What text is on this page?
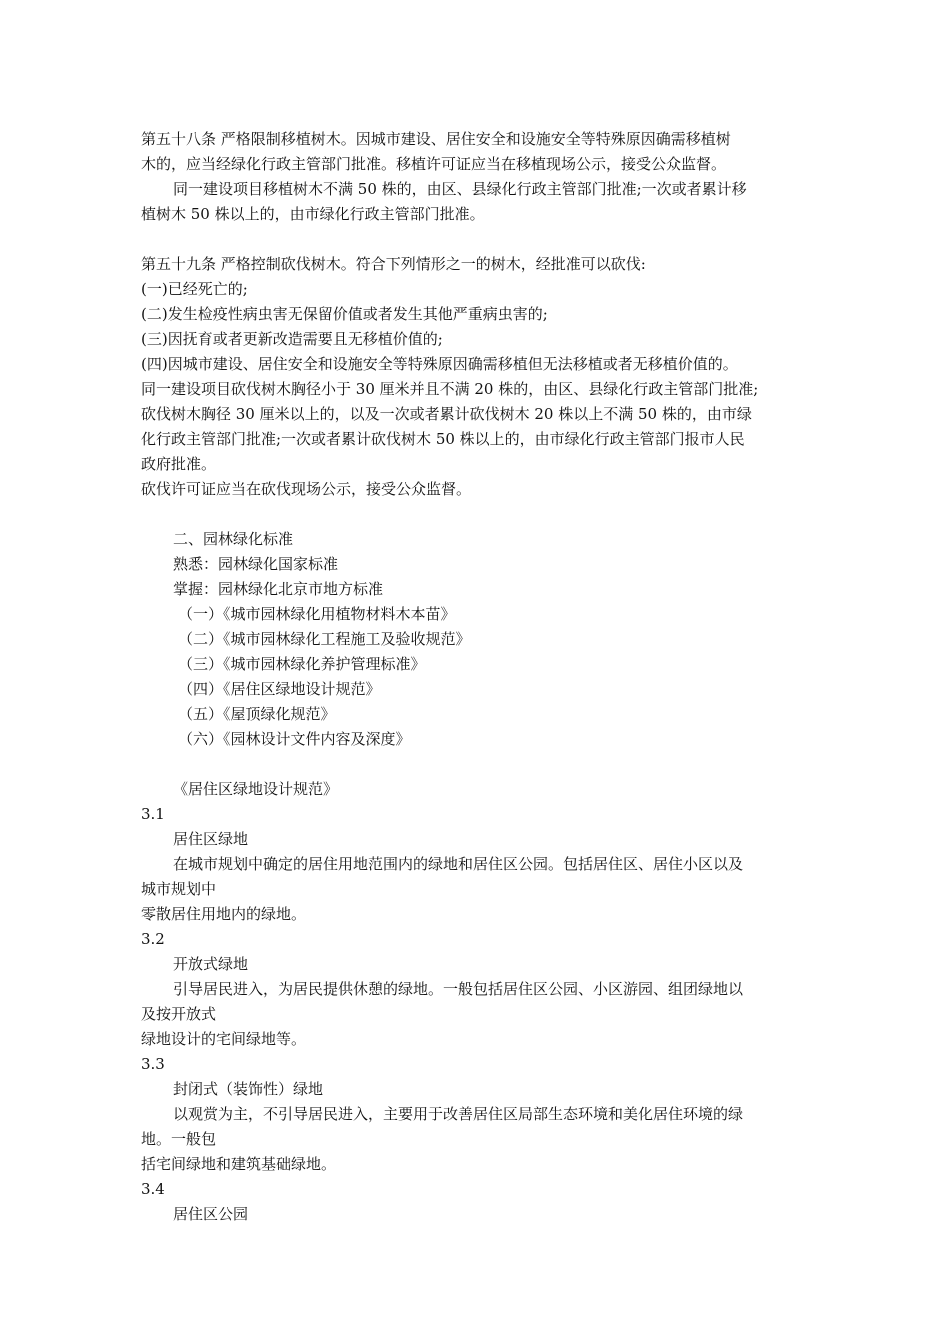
第五十八条 严格限制移植树木。因城市建设、居住安全和设施安全等特殊原因确需移植树
木的，应当经绿化行政主管部门批准。移植许可证应当在移植现场公示，接受公众监督。
同一建设项目移植树木不满 50 株的，由区、县绿化行政主管部门批准;一次或者累计移
植树木 50 株以上的，由市绿化行政主管部门批准。
第五十九条 严格控制砍伐树木。符合下列情形之一的树木，经批准可以砍伐:
(一)已经死亡的;
(二)发生检疫性病虫害无保留价值或者发生其他严重病虫害的;
(三)因抚育或者更新改造需要且无移植价值的;
(四)因城市建设、居住安全和设施安全等特殊原因确需移植但无法移植或者无移植价值的。
同一建设项目砍伐树木胸径小于 30 厘米并且不满 20 株的，由区、县绿化行政主管部门批准;
砍伐树木胸径 30 厘米以上的，以及一次或者累计砍伐树木 20 株以上不满 50 株的，由市绿
化行政主管部门批准;一次或者累计砍伐树木 50 株以上的，由市绿化行政主管部门报市人民
政府批准。
砍伐许可证应当在砍伐现场公示，接受公众监督。
二、园林绿化标准
熟悉：园林绿化国家标准
掌握：园林绿化北京市地方标准
（一）《城市园林绿化用植物材料木本苗》
（二）《城市园林绿化工程施工及验收规范》
（三）《城市园林绿化养护管理标准》
（四）《居住区绿地设计规范》
（五）《屋顶绿化规范》
（六）《园林设计文件内容及深度》
《居住区绿地设计规范》
3.1
居住区绿地
在城市规划中确定的居住用地范围内的绿地和居住区公园。包括居住区、居住小区以及
城市规划中
零散居住用地内的绿地。
3.2
开放式绿地
引导居民进入，为居民提供休憩的绿地。一般包括居住区公园、小区游园、组团绿地以
及按开放式
绿地设计的宅间绿地等。
3.3
封闭式（装饰性）绿地
以观赏为主，不引导居民进入，主要用于改善居住区局部生态环境和美化居住环境的绿
地。一般包
括宅间绿地和建筑基础绿地。
3.4
居住区公园
